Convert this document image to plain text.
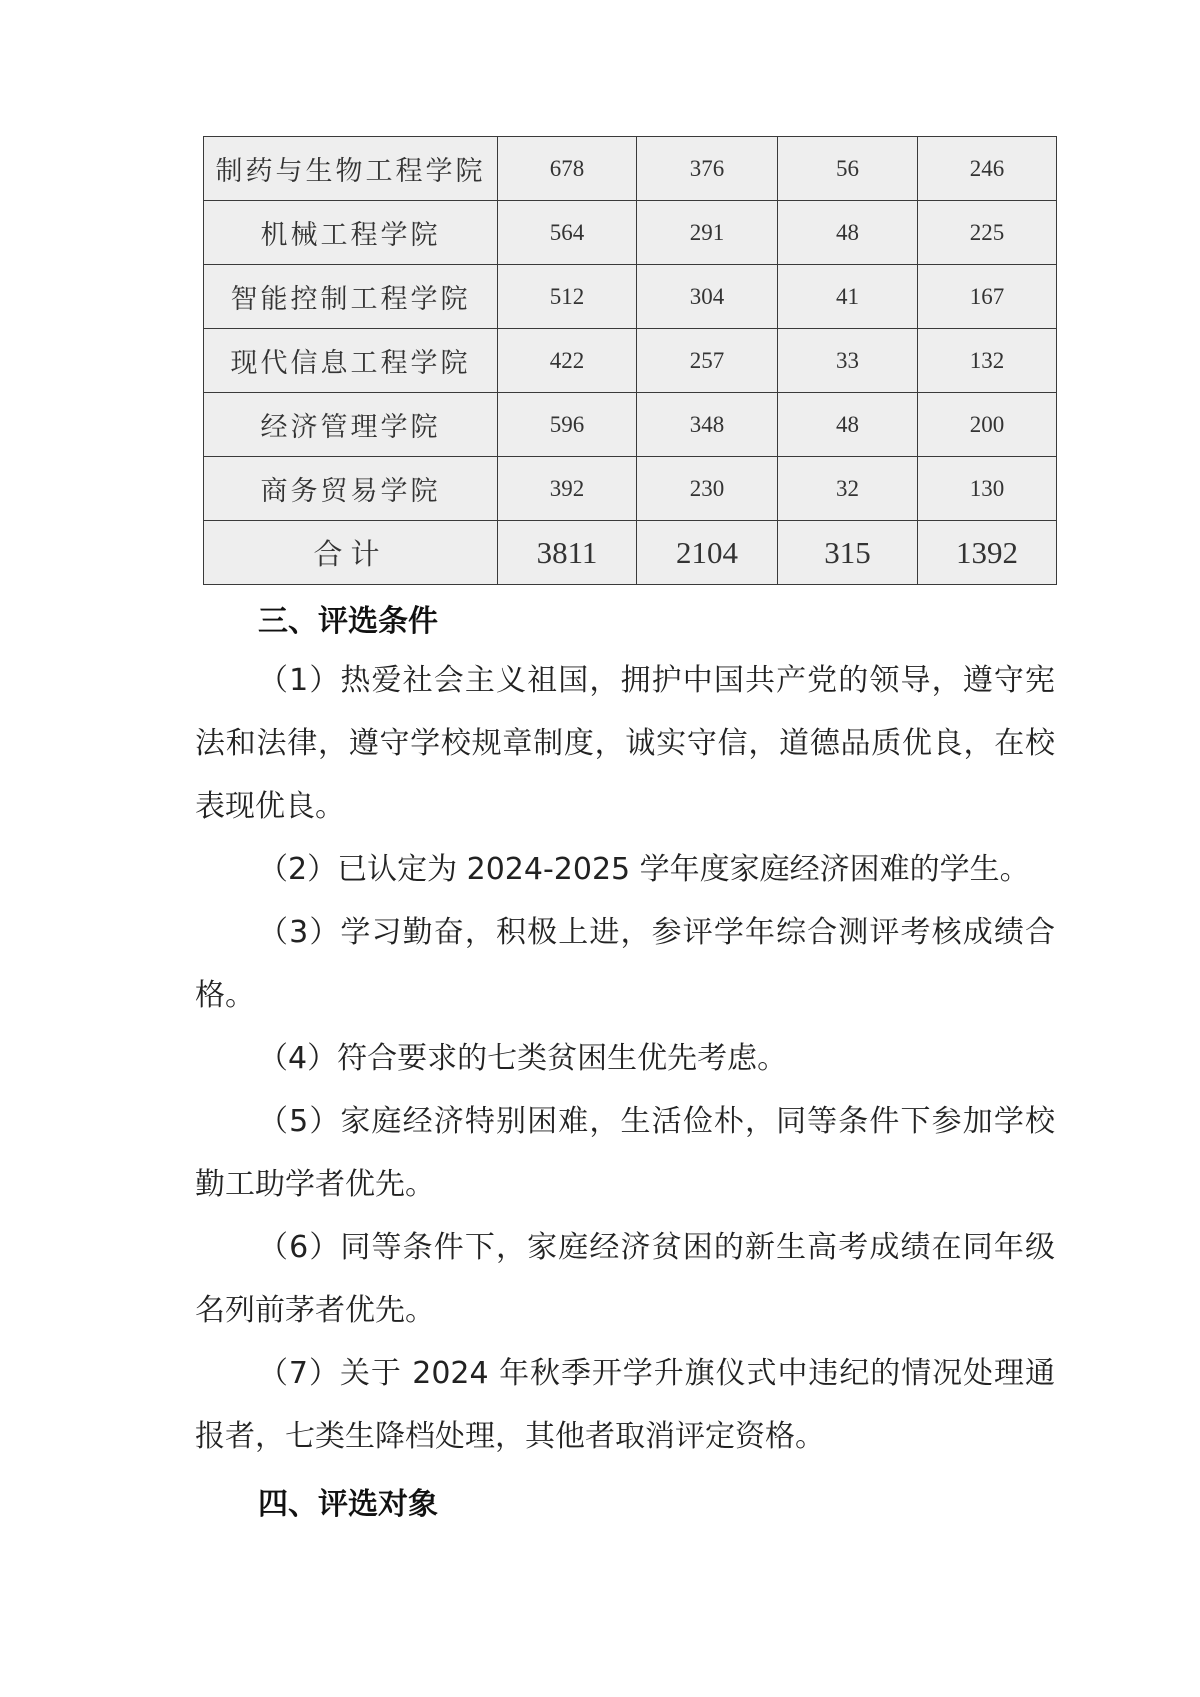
制药与生物工程学院	678	376	56	246
机械工程学院	564	291	48	225
智能控制工程学院	512	304	41	167
现代信息工程学院	422	257	33	132
经济管理学院	596	348	48	200
商务贸易学院	392	230	32	130
合计	3811	2104	315	1392
三、评选条件

（1）热爱社会主义祖国，拥护中国共产党的领导，遵守宪法和法律，遵守学校规章制度，诚实守信，道德品质优良，在校表现优良。

（2）已认定为 2024-2025 学年度家庭经济困难的学生。

（3）学习勤奋，积极上进，参评学年综合测评考核成绩合格。

（4）符合要求的七类贫困生优先考虑。

（5）家庭经济特别困难，生活俭朴，同等条件下参加学校勤工助学者优先。

（6）同等条件下，家庭经济贫困的新生高考成绩在同年级名列前茅者优先。

（7）关于 2024 年秋季开学升旗仪式中违纪的情况处理通报者，七类生降档处理，其他者取消评定资格。

四、评选对象
